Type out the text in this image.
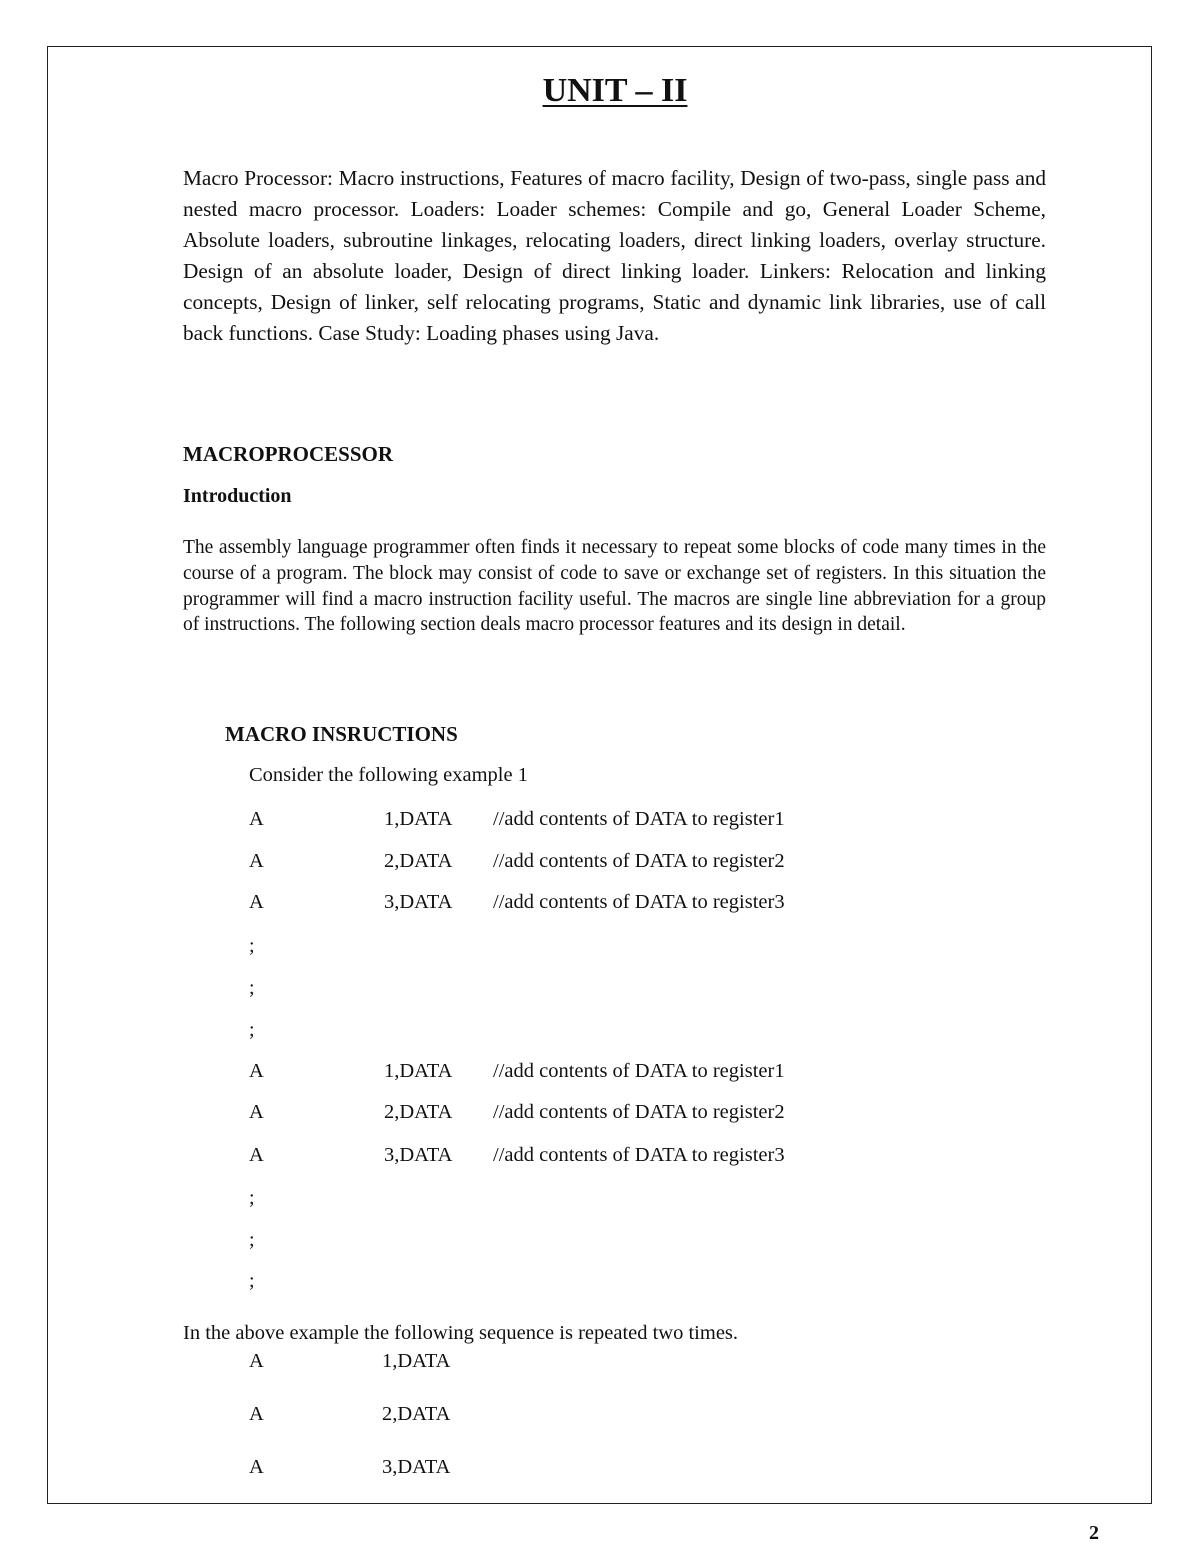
UNIT – II

Macro Processor: Macro instructions, Features of macro facility, Design of two-pass, single pass and nested macro processor. Loaders: Loader schemes: Compile and go, General Loader Scheme, Absolute loaders, subroutine linkages, relocating loaders, direct linking loaders, overlay structure. Design of an absolute loader, Design of direct linking loader. Linkers: Relocation and linking concepts, Design of linker, self relocating programs, Static and dynamic link libraries, use of call back functions. Case Study: Loading phases using Java.

MACROPROCESSOR

Introduction

The assembly language programmer often finds it necessary to repeat some blocks of code many times in the course of a program. The block may consist of code to save or exchange set of registers. In this situation the programmer will find a macro instruction facility useful. The macros are single line abbreviation for a group of instructions. The following section deals macro processor features and its design in detail.

MACRO INSRUCTIONS

Consider the following example 1

A	1,DATA //add contents of DATA to register1
A	2,DATA //add contents of DATA to register2
A	3,DATA //add contents of DATA to register3
;
;
;
A	1,DATA //add contents of DATA to register1
A	2,DATA //add contents of DATA to register2
A	3,DATA //add contents of DATA to register3
;
;
;

In the above example the following sequence is repeated two times.

A	1,DATA
A	2,DATA
A	3,DATA
2
